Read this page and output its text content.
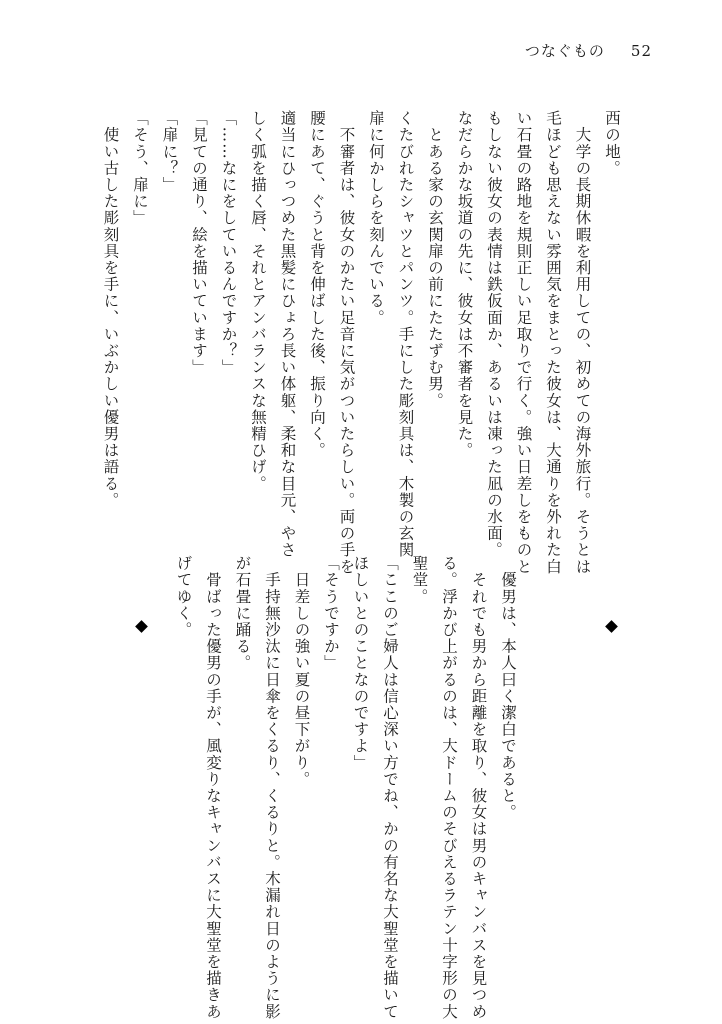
つなぐもの 52
西の地。
　大学の長期休暇を利用しての、初めての海外旅行。そうとは
毛ほども思えない雰囲気をまとった彼女は、大通りを外れた白
い石畳の路地を規則正しい足取りで行く。強い日差しをものと
もしない彼女の表情は鉄仮面か、あるいは凍った凪の水面。
なだらかな坂道の先に、彼女は不審者を見た。
　とある家の玄関扉の前にたたずむ男。
くたびれたシャツとパンツ。手にした彫刻具は、木製の玄関
扉に何かしらを刻んでいる。
　不審者は、彼女のかたい足音に気がついたらしい。両の手を
腰にあて、ぐうと背を伸ばした後、振り向く。
適当にひっつめた黒髪にひょろ長い体躯、柔和な目元、やさ
しく弧を描く唇、それとアンバランスな無精ひげ。
「……なにをしているんですか？」
「見ての通り、絵を描いています」
「扉に？」
「そう、扉に」
　使い古した彫刻具を手に、いぶかしい優男は語る。
　優男は、本人曰く潔白であると。
　それでも男から距離を取り、彼女は男のキャンバスを見つめ
る。浮かび上がるのは、大ドームのそびえるラテン十字形の大
聖堂。
「ここのご婦人は信心深い方でね、かの有名な大聖堂を描いて
ほしいとのことなのですよ」
「そうですか」
　日差しの強い夏の昼下がり。
　手持無沙汰に日傘をくるり、くるりと。木漏れ日のように影
が石畳に踊る。
　骨ばった優男の手が、風変りなキャンバスに大聖堂を描きあ
げてゆく。
